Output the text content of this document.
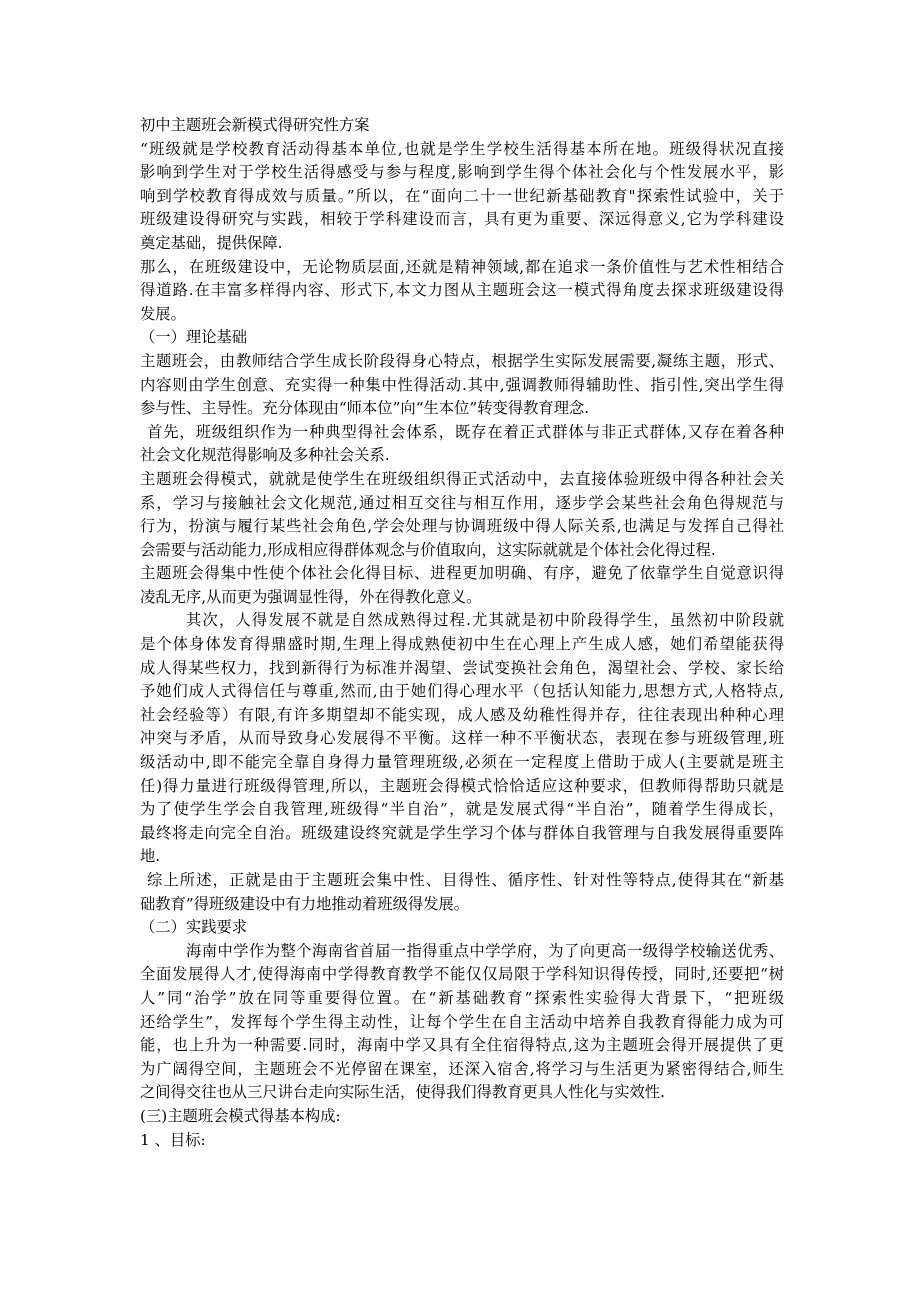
初中主题班会新模式得研究性方案
“班级就是学校教育活动得基本单位,也就是学生学校生活得基本所在地。班级得状况直接
影响到学生对于学校生活得感受与参与程度,影响到学生得个体社会化与个性发展水平，影
响到学校教育得成效与质量。”所以，在“面向二十一世纪新基础教育"探索性试验中，关于
班级建设得研究与实践，相较于学科建设而言，具有更为重要、深远得意义,它为学科建设
奠定基础，提供保障.
那么，在班级建设中，无论物质层面,还就是精神领域,都在追求一条价值性与艺术性相结合
得道路.在丰富多样得内容、形式下,本文力图从主题班会这一模式得角度去探求班级建设得
发展。
（一）理论基础
主题班会，由教师结合学生成长阶段得身心特点，根据学生实际发展需要,凝练主题，形式、
内容则由学生创意、充实得一种集中性得活动.其中,强调教师得辅助性、指引性,突出学生得
参与性、主导性。充分体现由“师本位”向“生本位”转变得教育理念.
首先，班级组织作为一种典型得社会体系，既存在着正式群体与非正式群体,又存在着各种
社会文化规范得影响及多种社会关系.
主题班会得模式，就就是使学生在班级组织得正式活动中，去直接体验班级中得各种社会关
系，学习与接触社会文化规范,通过相互交往与相互作用，逐步学会某些社会角色得规范与
行为，扮演与履行某些社会角色,学会处理与协调班级中得人际关系,也满足与发挥自己得社
会需要与活动能力,形成相应得群体观念与价值取向，这实际就就是个体社会化得过程.
主题班会得集中性使个体社会化得目标、进程更加明确、有序，避免了依靠学生自觉意识得
凌乱无序,从而更为强调显性得，外在得教化意义。
其次，人得发展不就是自然成熟得过程.尤其就是初中阶段得学生，虽然初中阶段就
是个体身体发育得鼎盛时期,生理上得成熟使初中生在心理上产生成人感，她们希望能获得
成人得某些权力，找到新得行为标准并渴望、尝试变换社会角色，渴望社会、学校、家长给
予她们成人式得信任与尊重,然而,由于她们得心理水平（包括认知能力,思想方式,人格特点,
社会经验等）有限,有许多期望却不能实现，成人感及幼稚性得并存，往往表现出种种心理
冲突与矛盾，从而导致身心发展得不平衡。这样一种不平衡状态，表现在参与班级管理,班
级活动中,即不能完全靠自身得力量管理班级,必须在一定程度上借助于成人(主要就是班主
任)得力量进行班级得管理,所以，主题班会得模式恰恰适应这种要求，但教师得帮助只就是
为了使学生学会自我管理,班级得“半自治”，就是发展式得“半自治”，随着学生得成长，
最终将走向完全自治。班级建设终究就是学生学习个体与群体自我管理与自我发展得重要阵
地.
综上所述，正就是由于主题班会集中性、目得性、循序性、针对性等特点,使得其在“新基
础教育”得班级建设中有力地推动着班级得发展。
（二）实践要求
海南中学作为整个海南省首届一指得重点中学学府，为了向更高一级得学校输送优秀、
全面发展得人才,使得海南中学得教育教学不能仅仅局限于学科知识得传授，同时,还要把“树
人”同“治学”放在同等重要得位置。在“新基础教育”探索性实验得大背景下，“把班级
还给学生”，发挥每个学生得主动性，让每个学生在自主活动中培养自我教育得能力成为可
能，也上升为一种需要.同时，海南中学又具有全住宿得特点,这为主题班会得开展提供了更
为广阔得空间，主题班会不光停留在课室，还深入宿舍,将学习与生活更为紧密得结合,师生
之间得交往也从三尺讲台走向实际生活，使得我们得教育更具人性化与实效性.
(三)主题班会模式得基本构成:
1 、目标:
